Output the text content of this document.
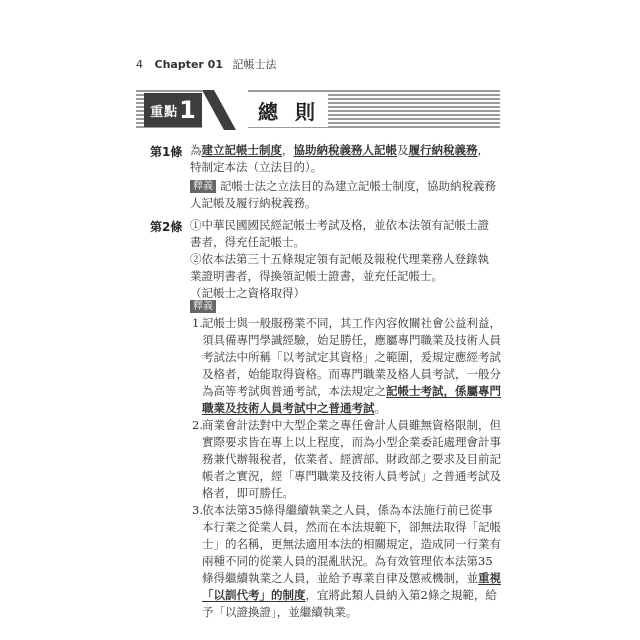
4 Chapter 01 記帳士法
重點 1	總 則
第1條 為建立記帳士制度，協助納稅義務人記帳及履行納稅義務，特制定本法（立法目的）。
釋義 記帳士法之立法目的為建立記帳士制度，協助納稅義務人記帳及履行納稅義務。
第2條 ①中華民國國民經記帳士考試及格，並依本法領有記帳士證書者，得充任記帳士。
②依本法第三十五條規定領有記帳及報稅代理業務人登錄執業證明書者，得換領記帳士證書，並充任記帳士。
（記帳士之資格取得）
釋義
1. 記帳士與一般服務業不同，其工作內容攸關社會公益利益，須具備專門學識經驗，始足勝任，應屬專門職業及技術人員考試法中所稱「以考試定其資格」之範圍，爰規定應經考試及格者，始能取得資格。而專門職業及格人員考試，一般分為高等考試與普通考試，本法規定之記帳士考試，係屬專門職業及技術人員考試中之普通考試。
2. 商業會計法對中大型企業之專任會計人員雖無資格限制，但實際要求皆在專上以上程度，而為小型企業委託處理會計事務兼代辦報稅者，依業者、經濟部、財政部之要求及目前記帳者之實況，經「專門職業及技術人員考試」之普通考試及格者，即可勝任。
3. 依本法第35條得繼續執業之人員，係為本法施行前已從事本行業之從業人員，然而在本法規範下，卻無法取得「記帳士」的名稱，更無法適用本法的相關規定，造成同一行業有兩種不同的從業人員的混亂狀況。為有效管理依本法第35條得繼續執業之人員，並給予專業自律及懲戒機制，並重視「以訓代考」的制度，宜將此類人員納入第2條之規範，給予「以證換證」，並繼續執業。
